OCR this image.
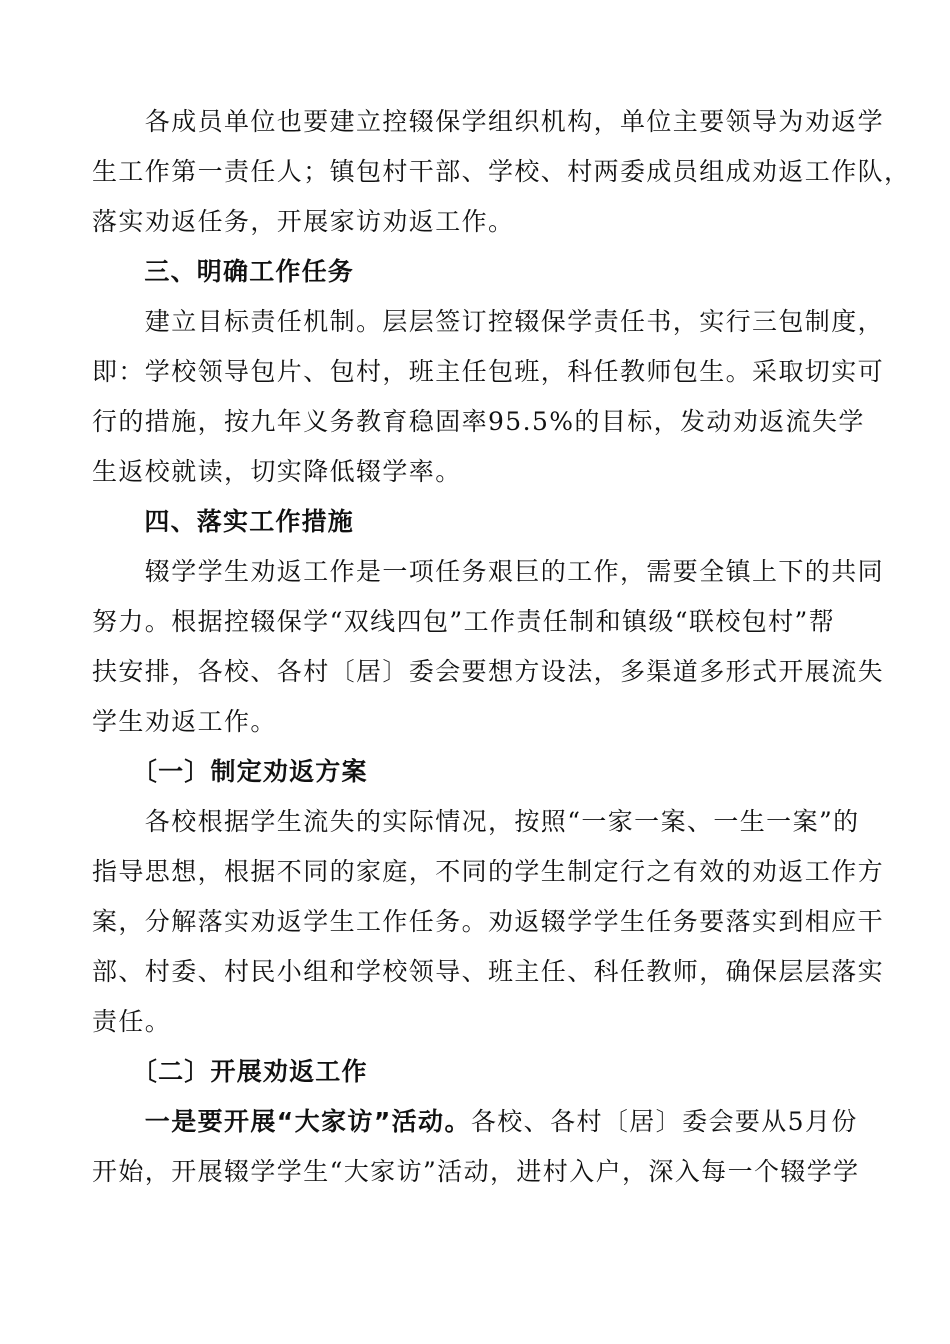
　　各成员单位也要建立控辍保学组织机构，单位主要领导为劝返学
生工作第一责任人；镇包村干部、学校、村两委成员组成劝返工作队，
落实劝返任务，开展家访劝返工作。
　　三、明确工作任务
　　建立目标责任机制。层层签订控辍保学责任书，实行三包制度，
即：学校领导包片、包村，班主任包班，科任教师包生。采取切实可
行的措施，按九年义务教育稳固率95.5%的目标，发动劝返流失学
生返校就读，切实降低辍学率。
　　四、落实工作措施
　　辍学学生劝返工作是一项任务艰巨的工作，需要全镇上下的共同
努力。根据控辍保学“双线四包”工作责任制和镇级“联校包村”帮
扶安排，各校、各村〔居〕委会要想方设法，多渠道多形式开展流失
学生劝返工作。
　　〔一〕制定劝返方案
　　各校根据学生流失的实际情况，按照“一家一案、一生一案”的
指导思想，根据不同的家庭，不同的学生制定行之有效的劝返工作方
案，分解落实劝返学生工作任务。劝返辍学学生任务要落实到相应干
部、村委、村民小组和学校领导、班主任、科任教师，确保层层落实
责任。
　　〔二〕开展劝返工作
　　一是要开展“大家访”活动。各校、各村〔居〕委会要从5月份
开始，开展辍学学生“大家访”活动，进村入户，深入每一个辍学学
